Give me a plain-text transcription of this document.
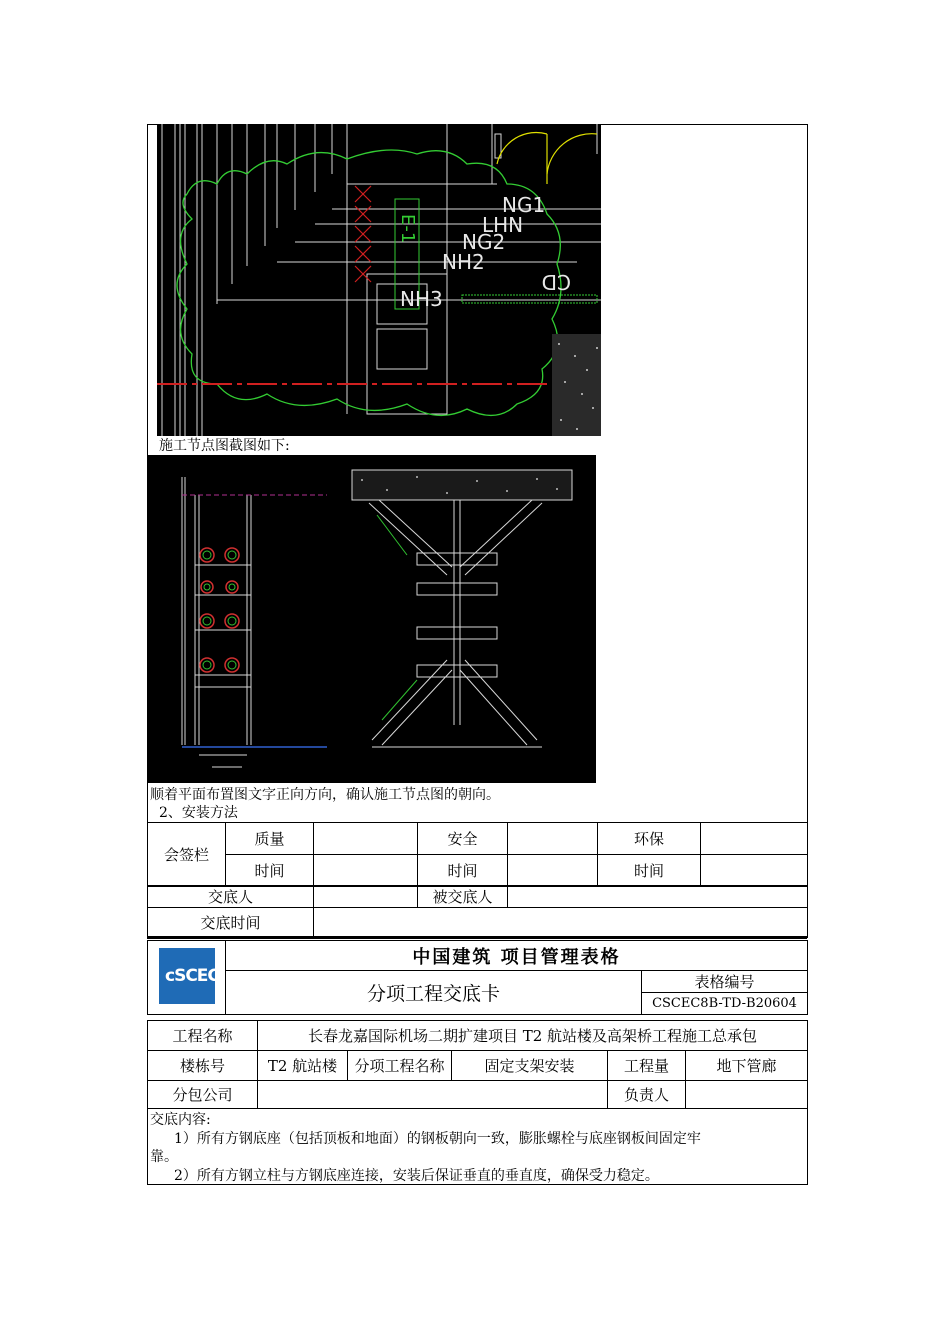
NG1
LHN
NG2
NH2
NH3
E-1
CD
施工节点图截图如下:
顺着平面布置图文字正向方向，确认施工节点图的朝向。
2、安装方法
会签栏	质量		安全		环保	
	时间		时间		时间	
交底人		被交底人	
交底时间			
	中国建筑 项目管理表格	
	分项工程交底卡	表格编号
		CSCEC8B-TD-B20604
cSCEC
工程名称	长春龙嘉国际机场二期扩建项目 T2 航站楼及高架桥工程施工总承包				
楼栋号	T2 航站楼	分项工程名称	固定支架安装	工程量	地下管廊
分包公司				负责人	
交底内容:
1）所有方钢底座（包括顶板和地面）的钢板朝向一致，膨胀螺栓与底座钢板间固定牢
靠。
2）所有方钢立柱与方钢底座连接，安装后保证垂直的垂直度，确保受力稳定。
